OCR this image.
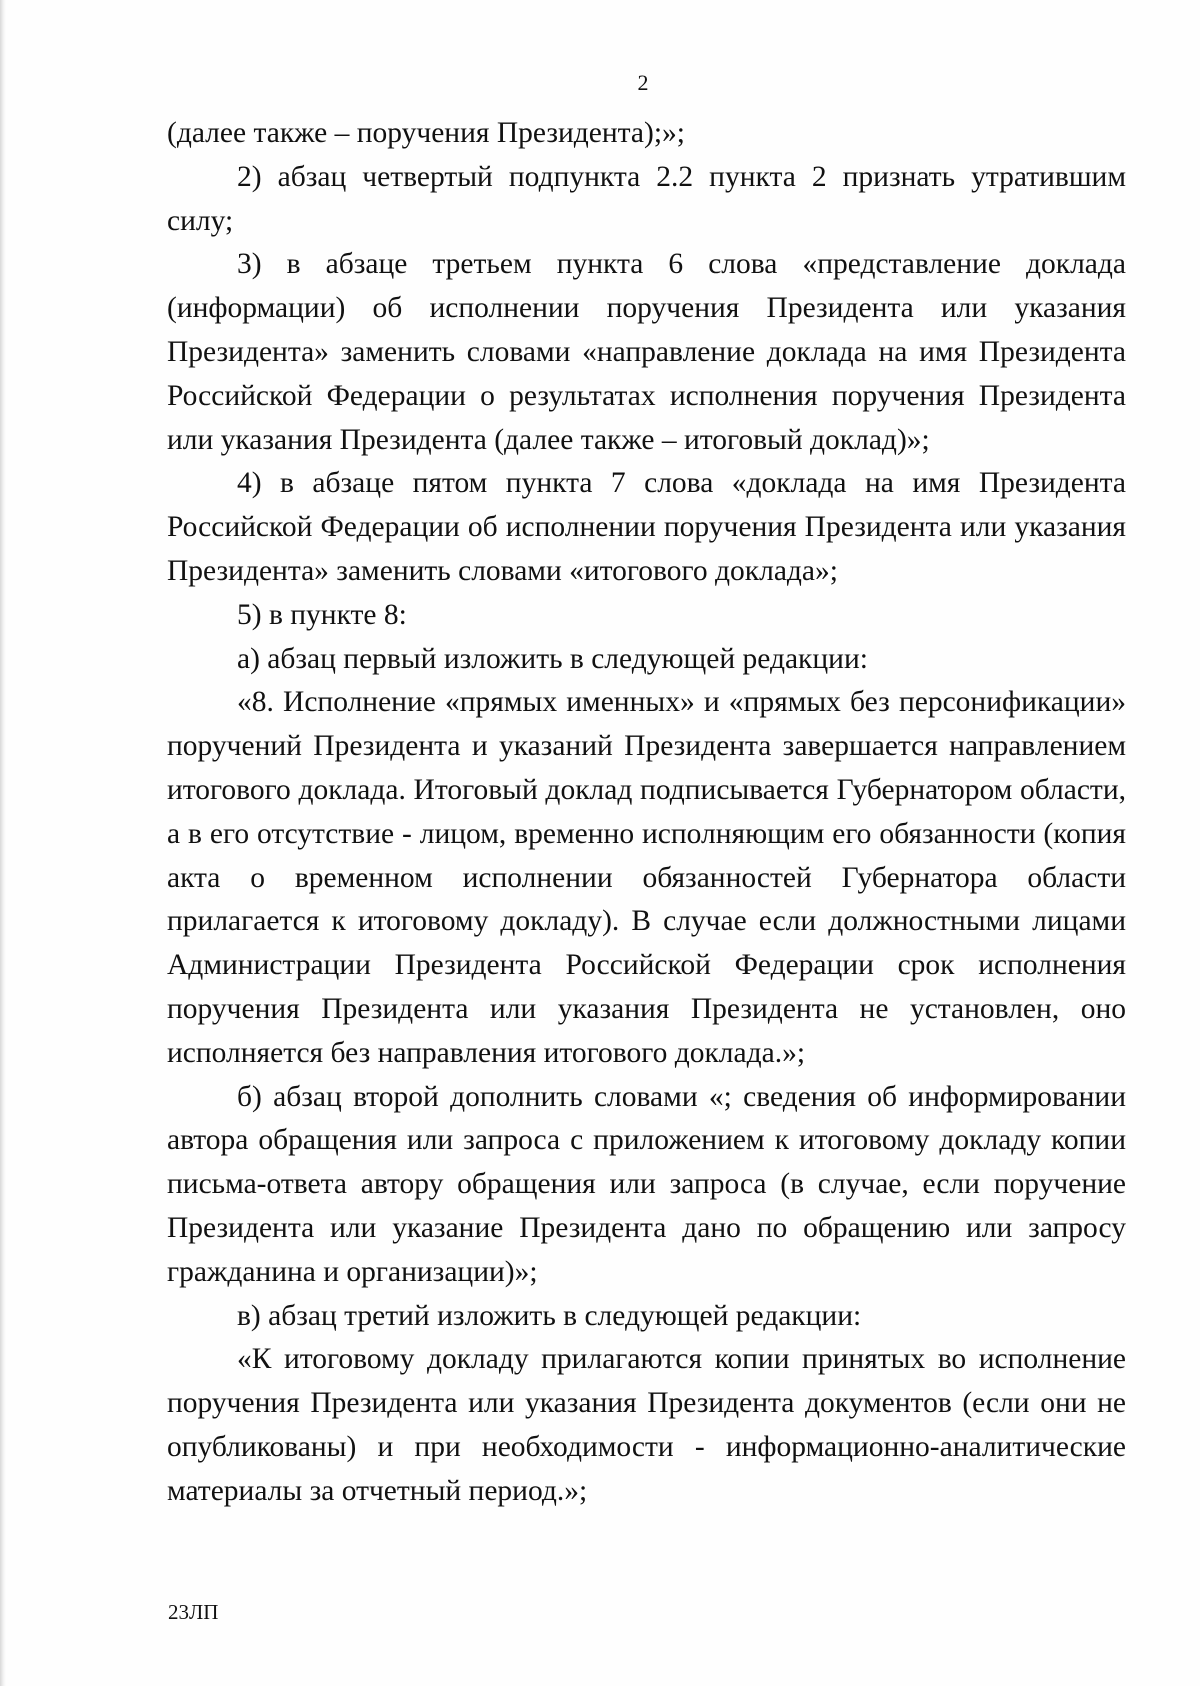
2

(далее также – поручения Президента);»;

2) абзац четвертый подпункта 2.2 пункта 2 признать утратившим силу;

3) в абзаце третьем пункта 6 слова «представление доклада (информации) об исполнении поручения Президента или указания Президента» заменить словами «направление доклада на имя Президента Российской Федерации о результатах исполнения поручения Президента или указания Президента (далее также – итоговый доклад)»;

4) в абзаце пятом пункта 7 слова «доклада на имя Президента Российской Федерации об исполнении поручения Президента или указания Президента» заменить словами «итогового доклада»;

5) в пункте 8:

а) абзац первый изложить в следующей редакции:

«8. Исполнение «прямых именных» и «прямых без персонификации» поручений Президента и указаний Президента завершается направлением итогового доклада. Итоговый доклад подписывается Губернатором области, а в его отсутствие - лицом, временно исполняющим его обязанности (копия акта о временном исполнении обязанностей Губернатора области прилагается к итоговому докладу). В случае если должностными лицами Администрации Президента Российской Федерации срок исполнения поручения Президента или указания Президента не установлен, оно исполняется без направления итогового доклада.»;

б) абзац второй дополнить словами «; сведения об информировании автора обращения или запроса с приложением к итоговому докладу копии письма-ответа автору обращения или запроса (в случае, если поручение Президента или указание Президента дано по обращению или запросу гражданина и организации)»;

в) абзац третий изложить в следующей редакции:

«К итоговому докладу прилагаются копии принятых во исполнение поручения Президента или указания Президента документов (если они не опубликованы) и при необходимости - информационно-аналитические материалы за отчетный период.»;

23ЛП
